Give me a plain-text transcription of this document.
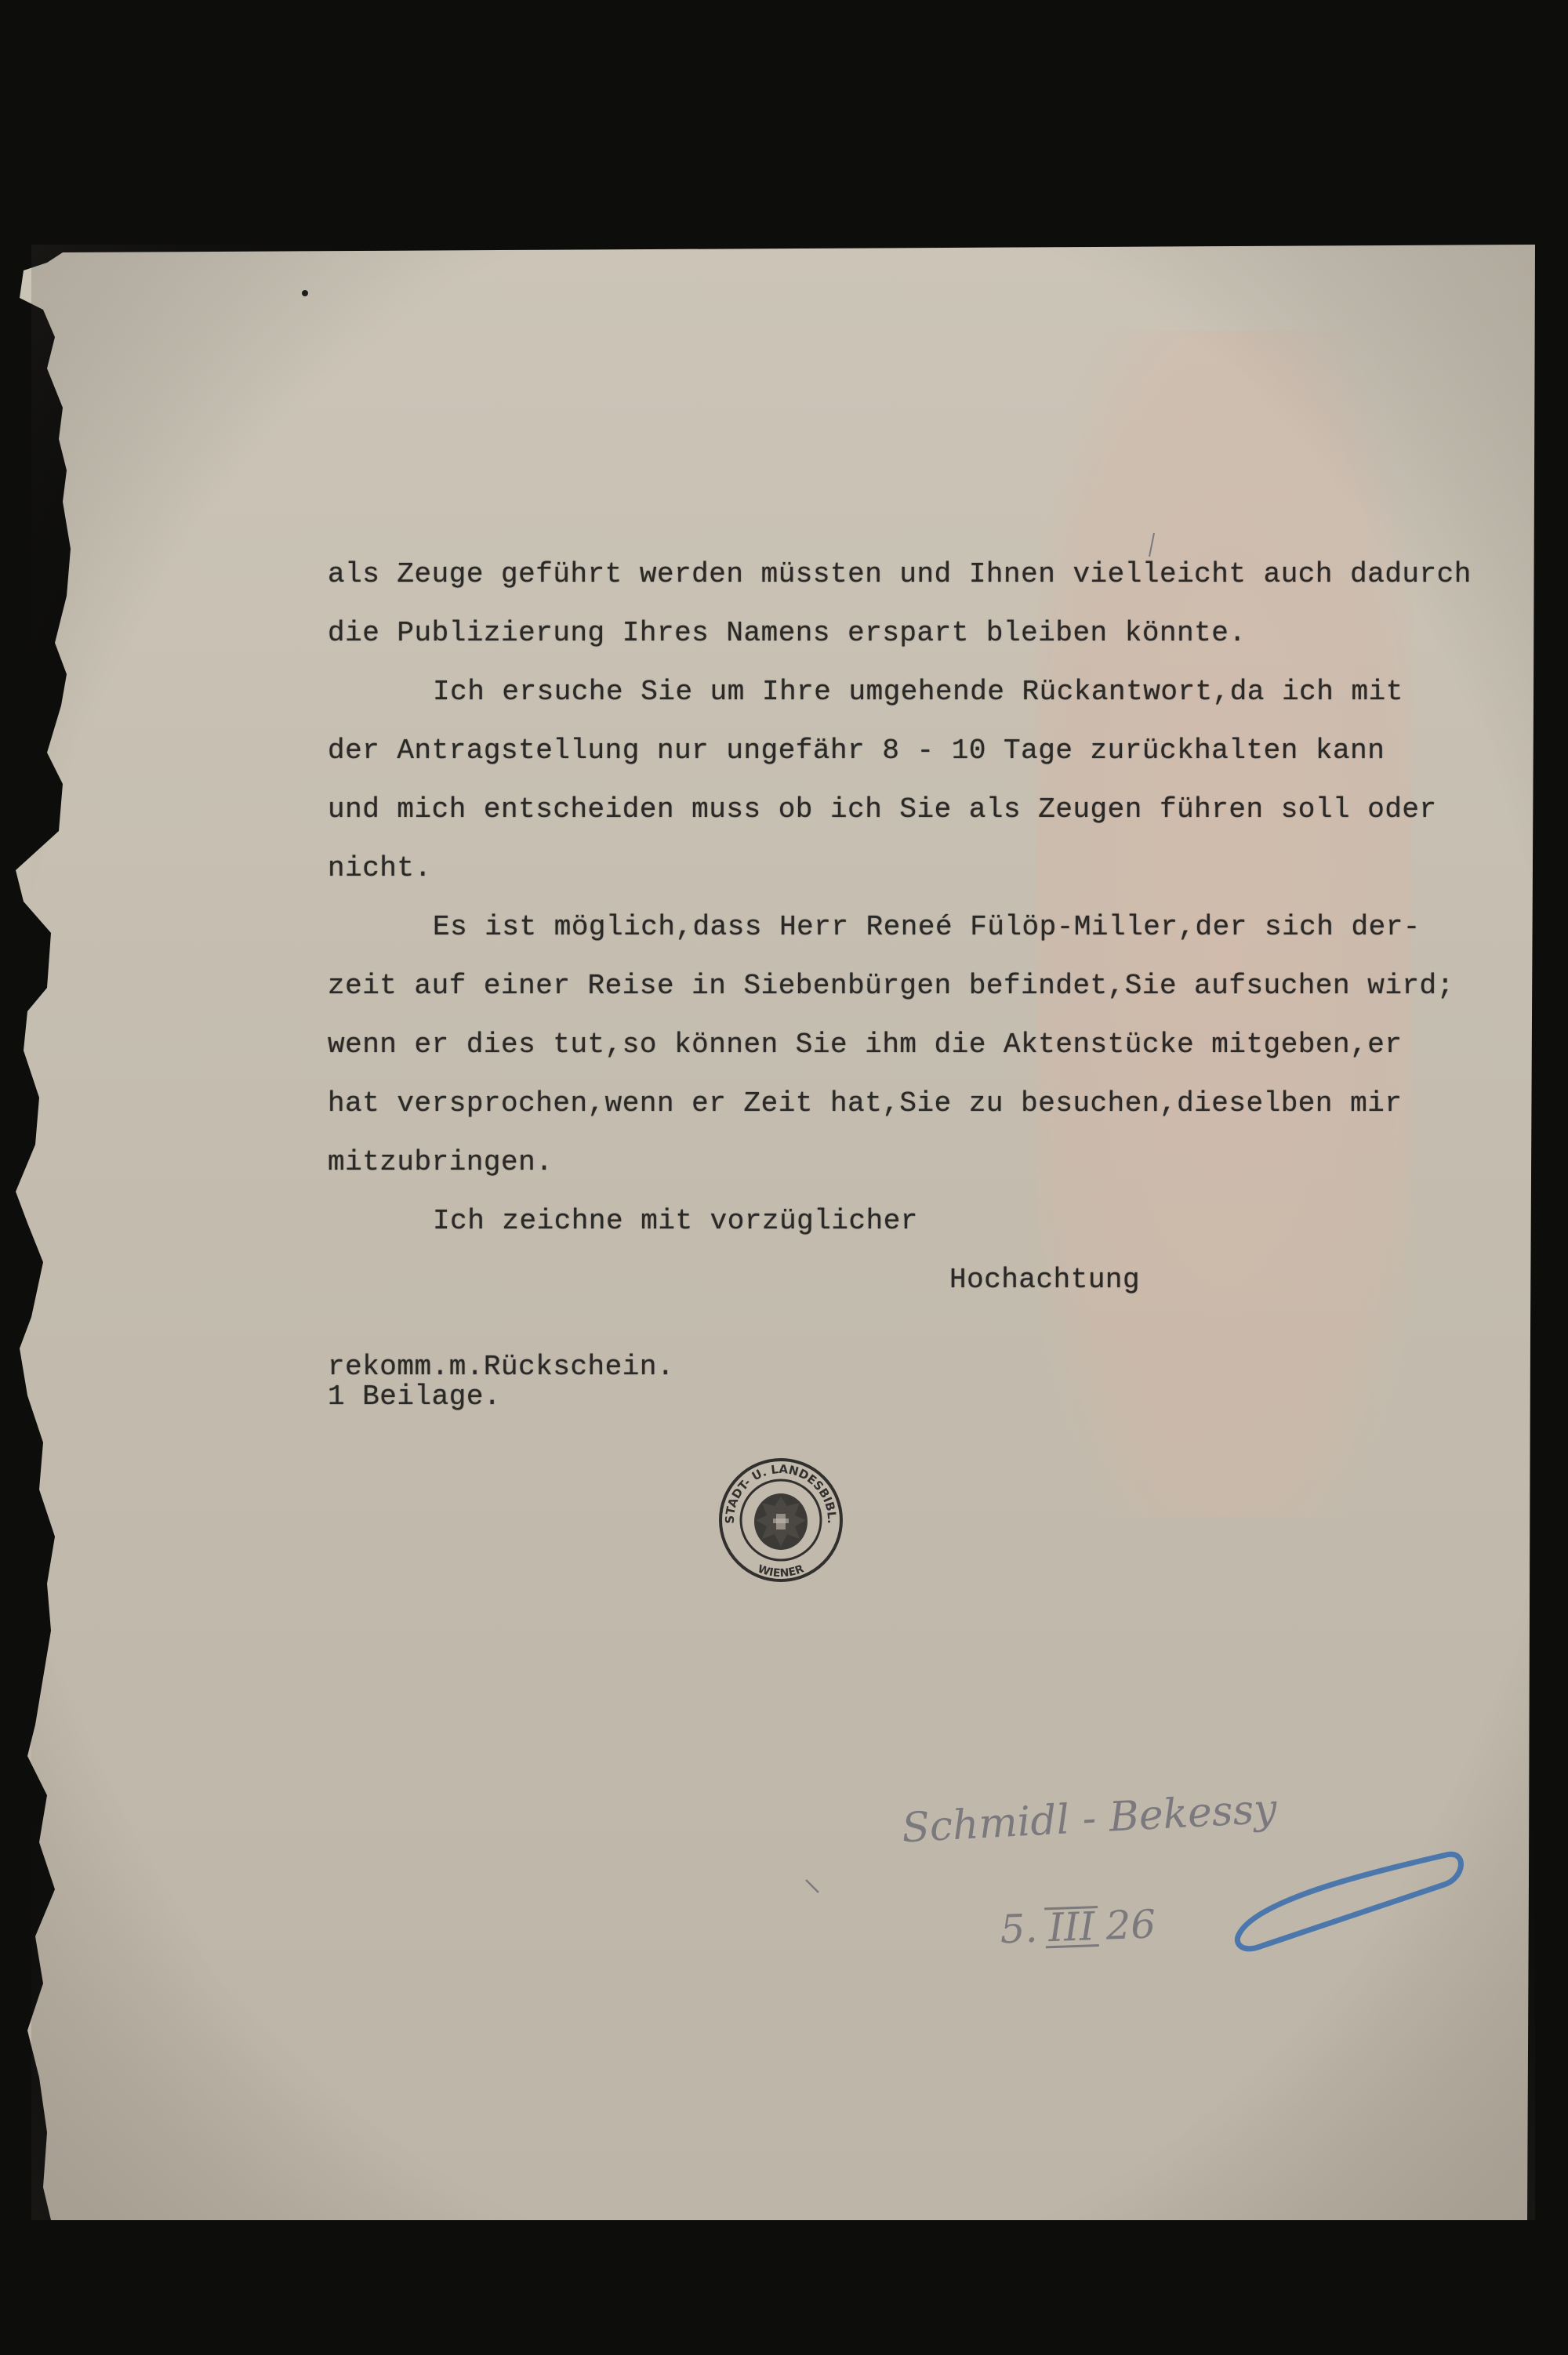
als Zeuge geführt werden müssten und Ihnen vielleicht auch dadurch
die Publizierung Ihres Namens erspart bleiben könnte.
Ich ersuche Sie um Ihre umgehende Rückantwort,da ich mit
der Antragstellung nur ungefähr 8 - 10 Tage zurückhalten kann
und mich entscheiden muss ob ich Sie als Zeugen führen soll oder
nicht.
Es ist möglich,dass Herr Reneé Fülöp-Miller,der sich der-
zeit auf einer Reise in Siebenbürgen befindet,Sie aufsuchen wird;
wenn er dies tut,so können Sie ihm die Aktenstücke mitgeben,er
hat versprochen,wenn er Zeit hat,Sie zu besuchen,dieselben mir
mitzubringen.
Ich zeichne mit vorzüglicher
Hochachtung
rekomm.m.Rückschein.
1 Beilage.
STADT- U. LANDESBIBL.
WIENER
Schmidl - Bekessy

5. III 26
